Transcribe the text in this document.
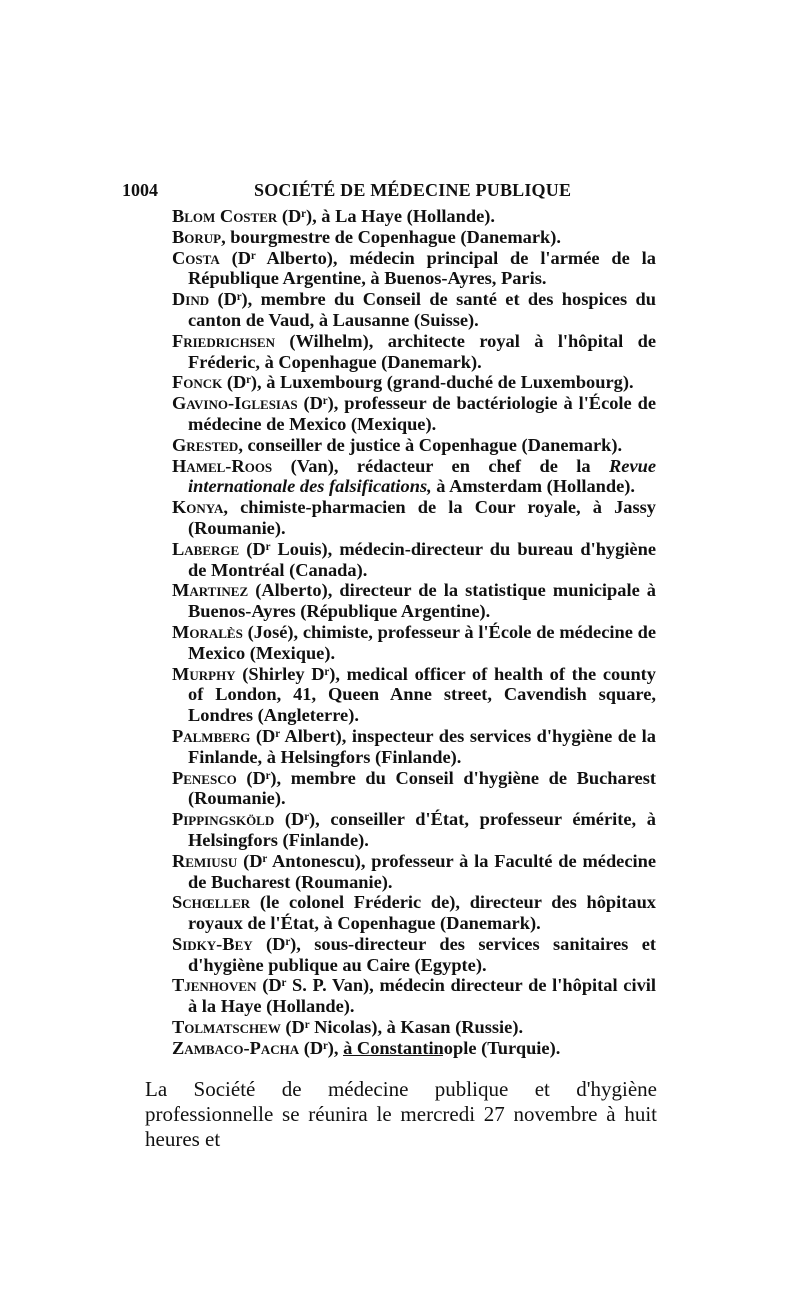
1004	SOCIÉTÉ DE MÉDECINE PUBLIQUE
Blom Coster (Dʳ), à La Haye (Hollande).
Borup, bourgmestre de Copenhague (Danemark).
Costa (Dʳ Alberto), médecin principal de l'armée de la République Argentine, à Buenos-Ayres, Paris.
Dind (Dʳ), membre du Conseil de santé et des hospices du canton de Vaud, à Lausanne (Suisse).
Friedrichsen (Wilhelm), architecte royal à l'hôpital de Fréderic, à Copenhague (Danemark).
Fonck (Dʳ), à Luxembourg (grand-duché de Luxembourg).
Gavino-Iglesias (Dʳ), professeur de bactériologie à l'École de médecine de Mexico (Mexique).
Grested, conseiller de justice à Copenhague (Danemark).
Hamel-Roos (Van), rédacteur en chef de la Revue internationale des falsifications, à Amsterdam (Hollande).
Konya, chimiste-pharmacien de la Cour royale, à Jassy (Roumanie).
Laberge (Dʳ Louis), médecin-directeur du bureau d'hygiène de Montréal (Canada).
Martinez (Alberto), directeur de la statistique municipale à Buenos-Ayres (République Argentine).
Moralès (José), chimiste, professeur à l'École de médecine de Mexico (Mexique).
Murphy (Shirley Dʳ), medical officer of health of the county of London, 41, Queen Anne street, Cavendish square, Londres (Angleterre).
Palmberg (Dʳ Albert), inspecteur des services d'hygiène de la Finlande, à Helsingfors (Finlande).
Penesco (Dʳ), membre du Conseil d'hygiène de Bucharest (Roumanie).
Pippingsköld (Dʳ), conseiller d'État, professeur émérite, à Helsingfors (Finlande).
Remiusu (Dʳ Antonescu), professeur à la Faculté de médecine de Bucharest (Roumanie).
Schœller (le colonel Fréderic de), directeur des hôpitaux royaux de l'État, à Copenhague (Danemark).
Sidky-Bey (Dʳ), sous-directeur des services sanitaires et d'hygiène publique au Caire (Egypte).
Tjenhoven (Dʳ S. P. Van), médecin directeur de l'hôpital civil à la Haye (Hollande).
Tolmatschew (Dʳ Nicolas), à Kasan (Russie).
Zambaco-Pacha (Dʳ), à Constantinople (Turquie).

La Société de médecine publique et d'hygiène professionnelle se réunira le mercredi 27 novembre à huit heures et
